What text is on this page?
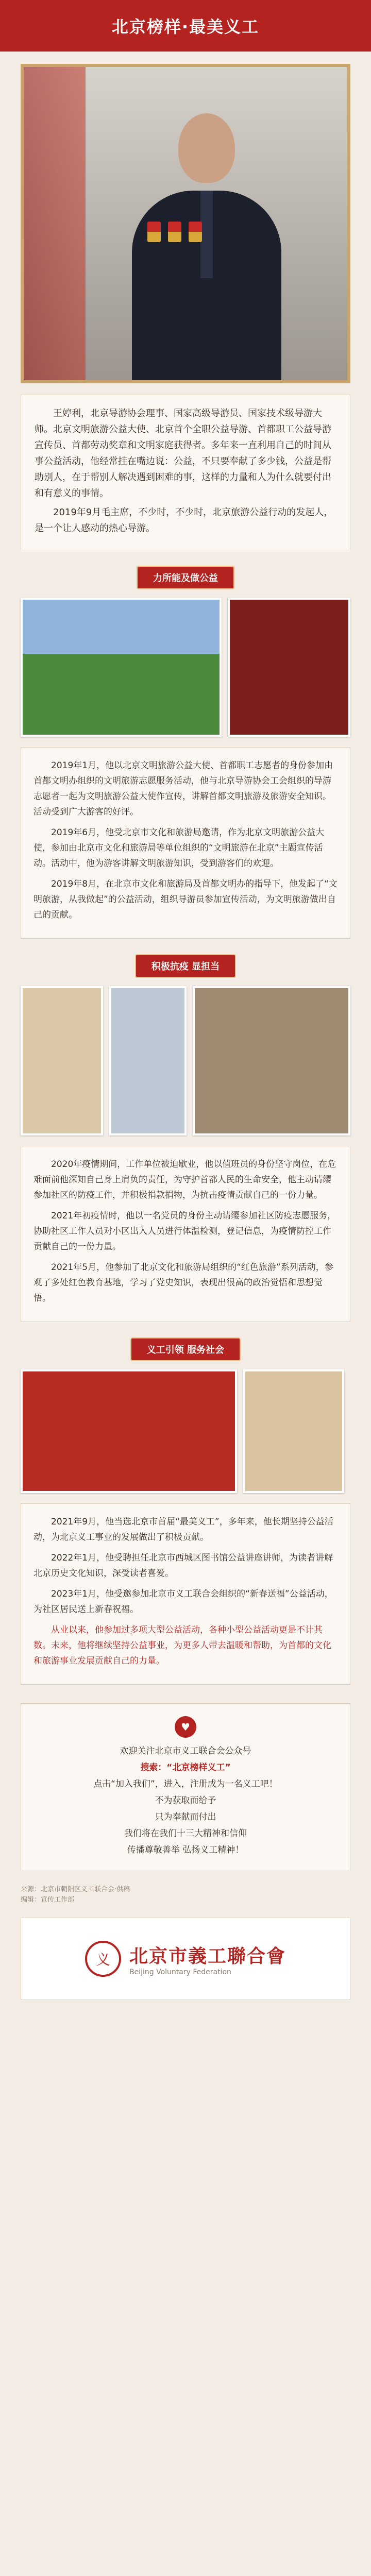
北京榜样·最美义工

王婷利，北京导游协会理事、国家高级导游员、国家技术级导游大师。北京文明旅游公益大使、北京首个全职公益导游、首都职工公益导游宣传员、首都劳动奖章和文明家庭获得者。多年来一直利用自己的时间从事公益活动，他经常挂在嘴边说：公益，不只要奉献了多少钱，公益是帮助别人，在于帮别人解决遇到困难的事，这样的力量和人为什么就要付出和有意义的事情。

2019年9月毛主席，不少时，不少时，北京旅游公益行动的发起人，是一个让人感动的热心导游。

力所能及做公益

2019年1月，他以北京文明旅游公益大使、首都职工志愿者的身份参加由首都文明办组织的文明旅游志愿服务活动，他与北京导游协会工会组织的导游志愿者一起为文明旅游公益大使作宣传，讲解首都文明旅游及旅游安全知识。活动受到广大游客的好评。

2019年6月，他受北京市文化和旅游局邀请，作为北京文明旅游公益大使，参加由北京市文化和旅游局等单位组织的“文明旅游在北京”主题宣传活动。活动中，他为游客讲解文明旅游知识，受到游客们的欢迎。

2019年8月，在北京市文化和旅游局及首都文明办的指导下，他发起了“文明旅游，从我做起”的公益活动，组织导游员参加宣传活动，为文明旅游做出自己的贡献。

积极抗疫 显担当

2020年疫情期间，工作单位被迫歇业，他以值班员的身份坚守岗位，在危难面前他深知自己身上肩负的责任，为守护首都人民的生命安全，他主动请缨参加社区的防疫工作，并积极捐款捐物，为抗击疫情贡献自己的一份力量。

2021年初疫情时，他以一名党员的身份主动请缨参加社区防疫志愿服务，协助社区工作人员对小区出入人员进行体温检测，登记信息，为疫情防控工作贡献自己的一份力量。

2021年5月，他参加了北京文化和旅游局组织的“红色旅游”系列活动，参观了多处红色教育基地，学习了党史知识，表现出很高的政治觉悟和思想觉悟。

义工引领 服务社会

2021年9月，他当选北京市首届“最美义工”，多年来，他长期坚持公益活动，为北京义工事业的发展做出了积极贡献。

2022年1月，他受聘担任北京市西城区图书馆公益讲座讲师，为读者讲解北京历史文化知识，深受读者喜爱。

2023年1月，他受邀参加北京市义工联合会组织的“新春送福”公益活动，为社区居民送上新春祝福。

从业以来，他参加过多项大型公益活动，各种小型公益活动更是不计其数。未来，他将继续坚持公益事业，为更多人带去温暖和帮助，为首都的文化和旅游事业发展贡献自己的力量。

♥
欢迎关注北京市义工联合会公众号
搜索：“北京榜样义工”
点击“加入我们”，进入，注册成为一名义工吧！
不为获取而给予
只为奉献而付出
我们将在我们十三大精神和信仰
传播尊敬善举 弘扬义工精神！
来源：北京市朝阳区义工联合会·供稿
编辑：宣传工作部
义	北京市義工聯合會
Beijing Voluntary Federation
